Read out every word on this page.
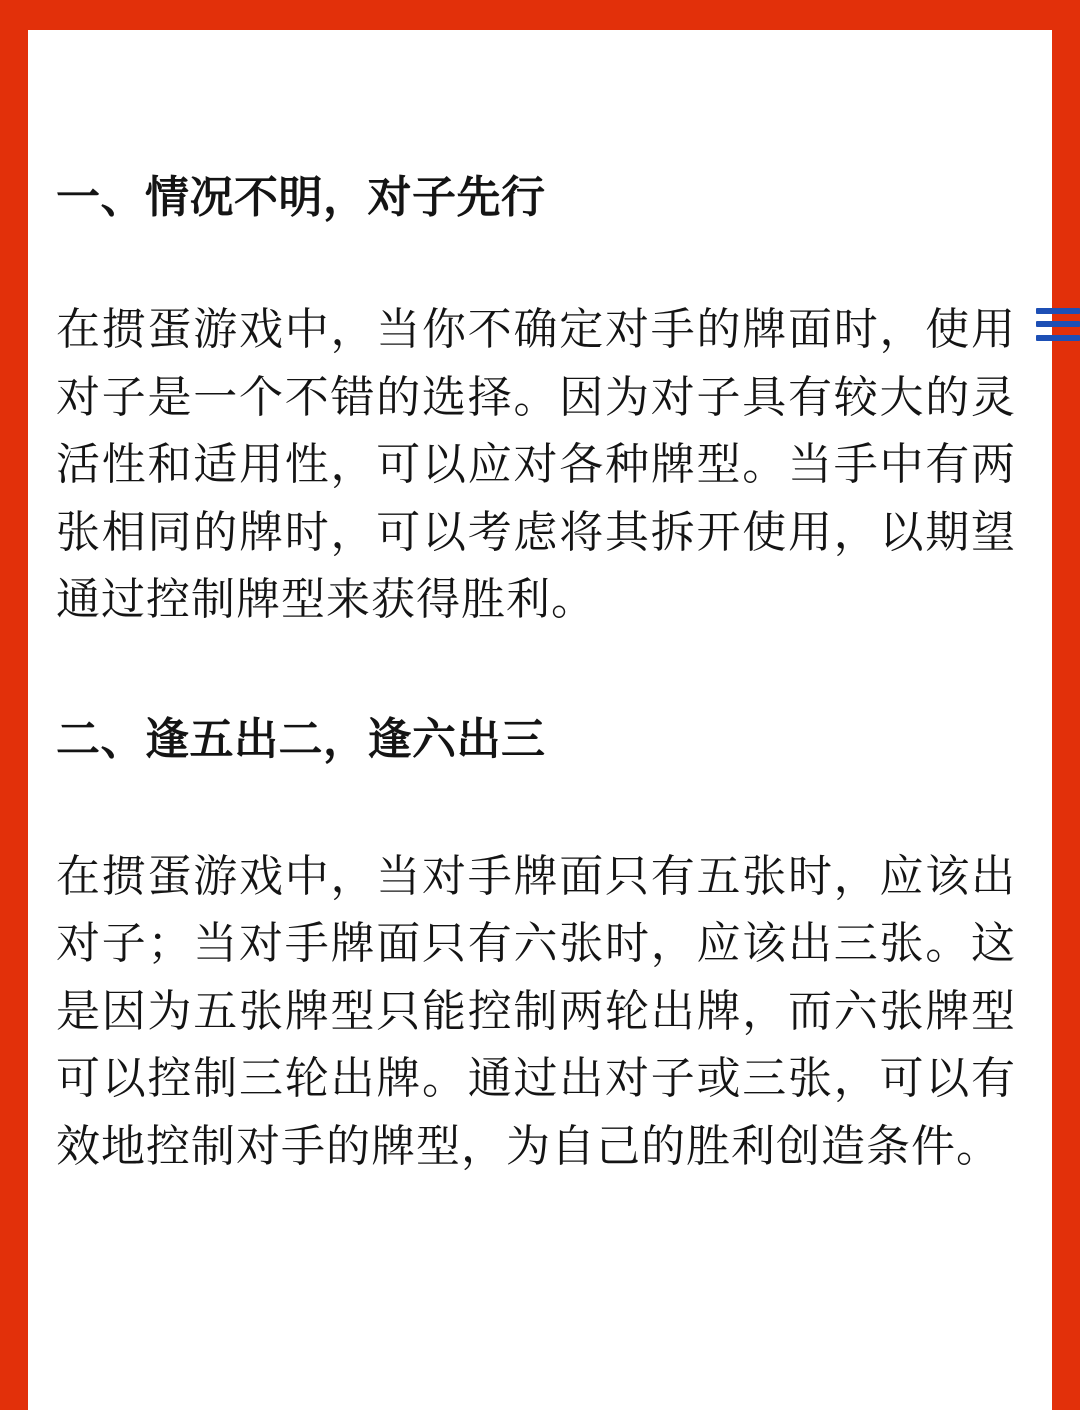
一、情况不明，对子先行

在掼蛋游戏中，当你不确定对手的牌面时，使用对子是一个不错的选择。因为对子具有较大的灵活性和适用性，可以应对各种牌型。当手中有两张相同的牌时，可以考虑将其拆开使用，以期望通过控制牌型来获得胜利。

二、逢五出二，逢六出三

在掼蛋游戏中，当对手牌面只有五张时，应该出对子；当对手牌面只有六张时，应该出三张。这是因为五张牌型只能控制两轮出牌，而六张牌型可以控制三轮出牌。通过出对子或三张，可以有效地控制对手的牌型，为自己的胜利创造条件。
